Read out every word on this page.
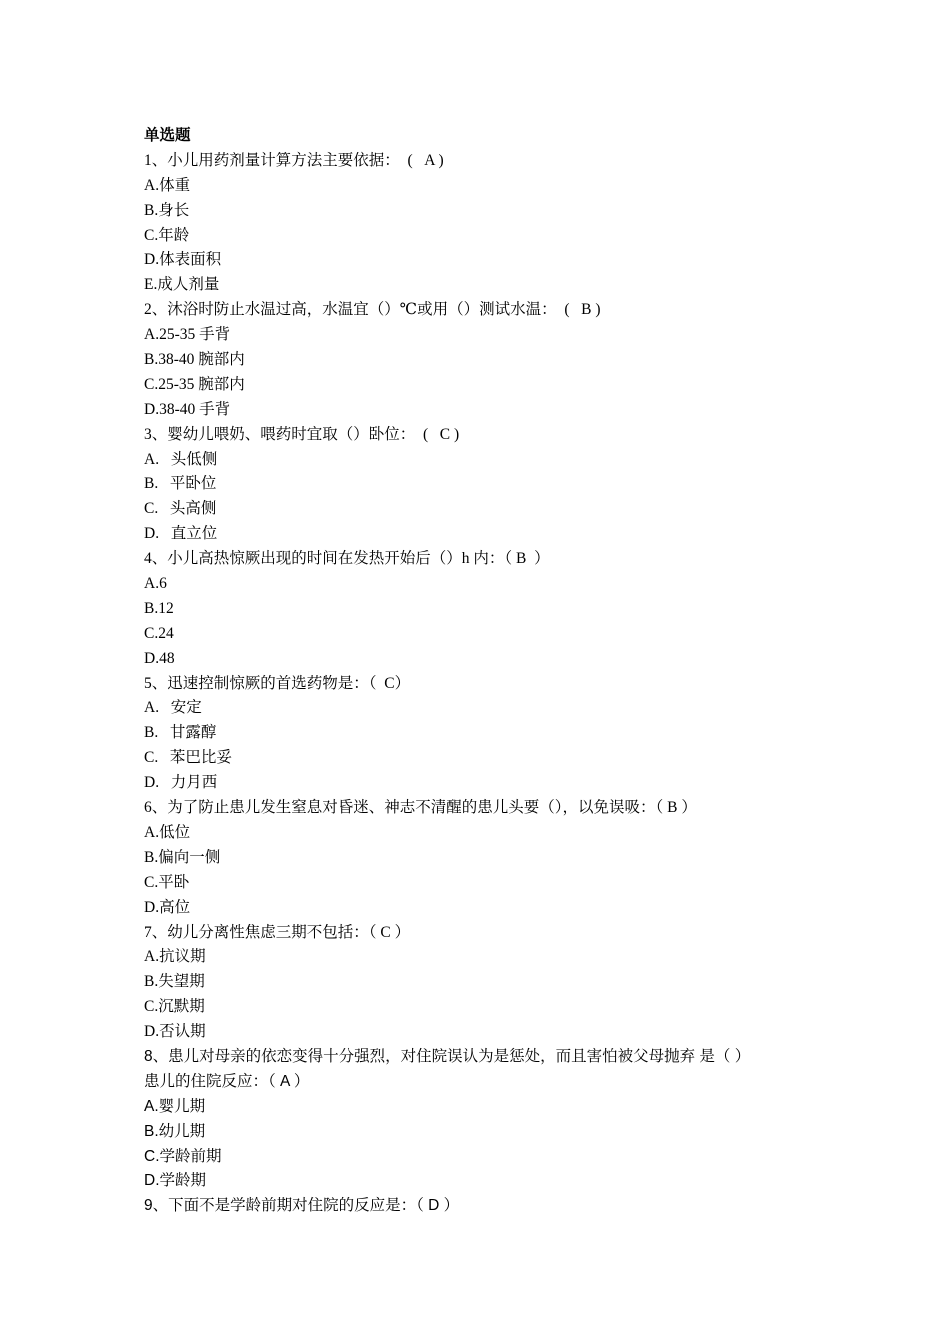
单选题
1、小儿用药剂量计算方法主要依据：  (   A )
A.体重
B.身长
C.年龄
D.体表面积
E.成人剂量
2、沐浴时防止水温过高，水温宜（）℃或用（）测试水温：  (   B )
A.25-35 手背
B.38-40 腕部内
C.25-35 腕部内
D.38-40 手背
3、婴幼儿喂奶、喂药时宜取（）卧位：  (   C )
A.   头低侧
B.   平卧位
C.   头高侧
D.   直立位
4、小儿高热惊厥出现的时间在发热开始后（）h 内：（ B  ）
A.6
B.12
C.24
D.48
5、迅速控制惊厥的首选药物是：（  C）
A.   安定
B.   甘露醇
C.   苯巴比妥
D.   力月西
6、为了防止患儿发生窒息对昏迷、神志不清醒的患儿头要（），以免误吸：（ B ）
A.低位
B.偏向一侧
C.平卧
D.高位
7、幼儿分离性焦虑三期不包括：（ C ）
A.抗议期
B.失望期
C.沉默期
D.否认期
8、患儿对母亲的依恋变得十分强烈，对住院误认为是惩处，而且害怕被父母抛弃 是（ ）
患儿的住院反应：（ A ）
A.婴儿期
B.幼儿期
C.学龄前期
D.学龄期
9、下面不是学龄前期对住院的反应是：（ D ）
